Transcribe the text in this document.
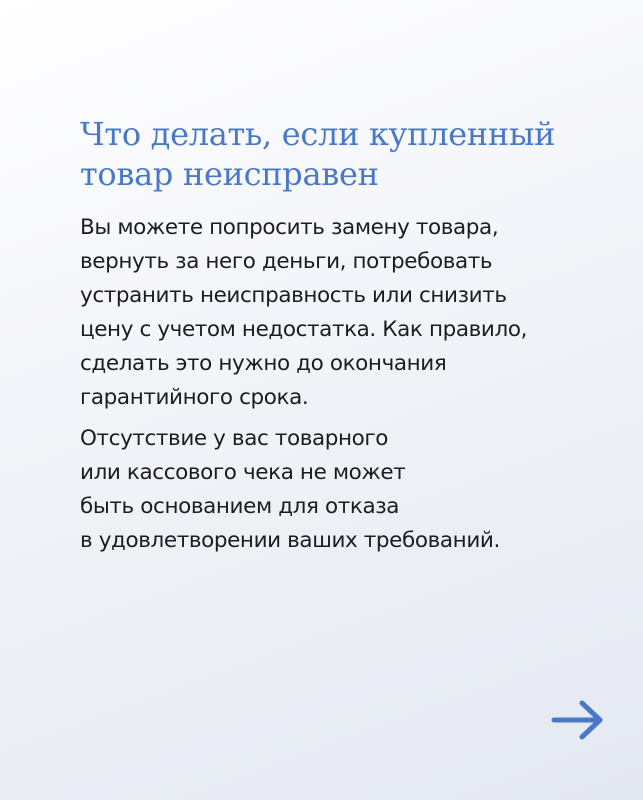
Что делать, если купленный
товар неисправен

Вы можете попросить замену товара,
вернуть за него деньги, потребовать
устранить неисправность или снизить
цену с учетом недостатка. Как правило,
сделать это нужно до окончания
гарантийного срока.

Отсутствие у вас товарного
или кассового чека не может
быть основанием для отказа
в удовлетворении ваших требований.
